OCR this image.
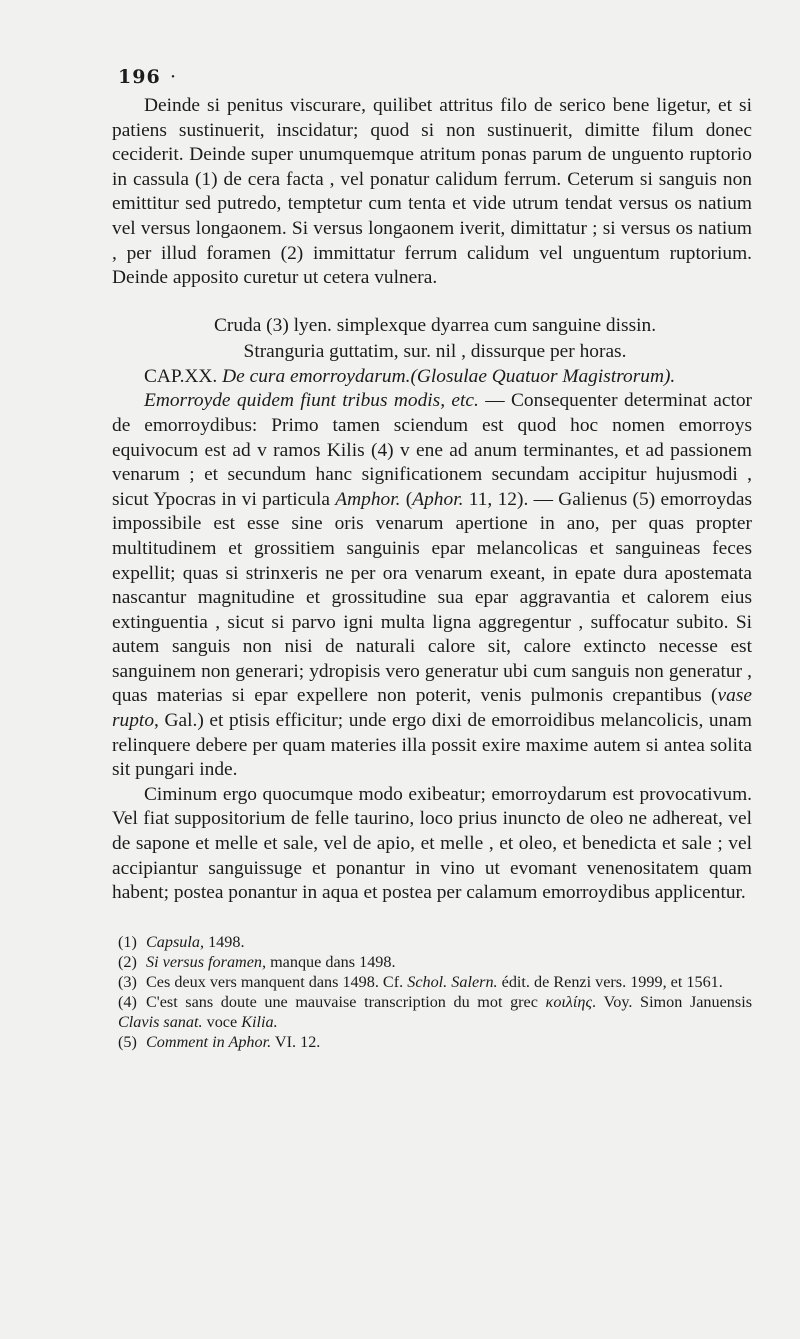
196 ·

Deinde si penitus viscurare, quilibet attritus filo de serico bene ligetur, et si patiens sustinuerit, inscidatur; quod si non sustinuerit, dimitte filum donec ceciderit. Deinde super unumquemque atritum ponas parum de unguento ruptorio in cassula (1) de cera facta , vel ponatur calidum ferrum. Ceterum si sanguis non emittitur sed putredo, temptetur cum tenta et vide utrum tendat versus os natium vel versus longaonem. Si versus longaonem iverit, dimittatur ; si versus os natium , per illud foramen (2) immittatur ferrum calidum vel unguentum ruptorium. Deinde apposito curetur ut cetera vulnera.

Cruda (3) lyen. simplexque dyarrea cum sanguine dissin.
Stranguria guttatim, sur. nil , dissurque per horas.

CAP.XX. De cura emorroydarum.(Glosulae Quatuor Magistrorum).

Emorroyde quidem fiunt tribus modis, etc. — Consequenter determinat actor de emorroydibus: Primo tamen sciendum est quod hoc nomen emorroys equivocum est ad v ramos Kilis (4) v ene ad anum terminantes, et ad passionem venarum ; et secundum hanc significationem secundam accipitur hujusmodi , sicut Ypocras in vi particula Amphor. (Aphor. 11, 12). — Galienus (5) emorroydas impossibile est esse sine oris venarum apertione in ano, per quas propter multitudinem et grossitiem sanguinis epar melancolicas et sanguineas feces expellit; quas si strinxeris ne per ora venarum exeant, in epate dura apostemata nascantur magnitudine et grossitudine sua epar aggravantia et calorem eius extinguentia , sicut si parvo igni multa ligna aggregentur , suffocatur subito. Si autem sanguis non nisi de naturali calore sit, calore extincto necesse est sanguinem non generari; ydropisis vero generatur ubi cum sanguis non generatur , quas materias si epar expellere non poterit, venis pulmonis crepantibus (vase rupto, Gal.) et ptisis efficitur; unde ergo dixi de emorroidibus melancolicis, unam relinquere debere per quam materies illa possit exire maxime autem si antea solita sit pungari inde.

Ciminum ergo quocumque modo exibeatur; emorroydarum est provocativum. Vel fiat suppositorium de felle taurino, loco prius inuncto de oleo ne adhereat, vel de sapone et melle et sale, vel de apio, et melle , et oleo, et benedicta et sale ; vel accipiantur sanguissuge et ponantur in vino ut evomant venenositatem quam habent; postea ponantur in aqua et postea per calamum emorroydibus applicentur.

(1) Capsula, 1498.

(2) Si versus foramen, manque dans 1498.

(3) Ces deux vers manquent dans 1498. Cf. Schol. Salern. édit. de Renzi vers. 1999, et 1561.

(4) C'est sans doute une mauvaise transcription du mot grec κοιλίης. Voy. Simon Januensis Clavis sanat. voce Kilia.

(5) Comment in Aphor. VI. 12.
